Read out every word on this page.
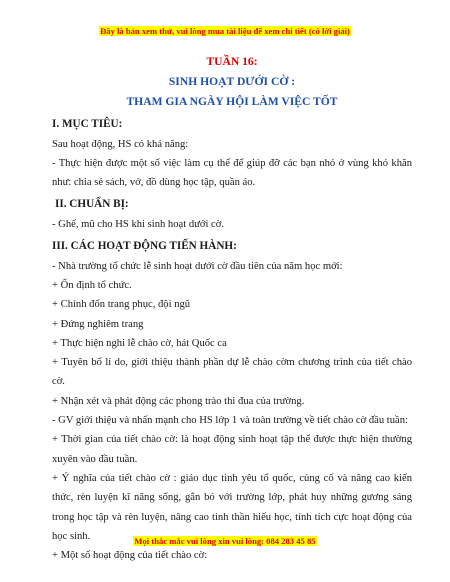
Đây là bản xem thử, vui lòng mua tài liệu để xem chi tiết (có lời giải)

TUẦN 16:

SINH HOẠT DƯỚI CỜ :

THAM GIA NGÀY HỘI LÀM VIỆC TỐT

I. MỤC TIÊU:

Sau hoạt động, HS có khả năng:

- Thực hiện được một số việc làm cụ thể để giúp đỡ các bạn nhỏ ở vùng khó khăn như: chia sẻ sách, vở, đồ dùng học tập, quần áo.

II. CHUẨN BỊ:

- Ghế, mũ cho HS khi sinh hoạt dưới cờ.

III. CÁC HOẠT ĐỘNG TIẾN HÀNH:

- Nhà trường tổ chức lễ sinh hoạt dưới cờ đầu tiên của năm học mới:

+ Ổn định tổ chức.

+ Chỉnh đốn trang phục, đội ngũ

+ Đứng nghiêm trang

+ Thực hiện nghi lễ chào cờ, hát Quốc ca

+ Tuyên bố lí do, giới thiệu thành phần dự lễ chào cờm chương trình của tiết chào cờ.

+ Nhận xét và phát động các phong trào thi đua của trường.

- GV giới thiệu và nhấn mạnh cho HS lớp 1 và toàn trường về tiết chào cờ đầu tuần:

+ Thời gian của tiết chào cờ: là hoạt động sinh hoạt tập thể được thực hiện thường xuyên vào đầu tuần.

+ Ý nghĩa của tiết chào cờ : giáo dục tình yêu tổ quốc, củng cố và nâng cao kiến thức, rèn luyện kĩ năng sống, gắn bó với trường lớp, phát huy những gương sáng trong học tập và rèn luyện, nâng cao tinh thần hiếu học, tính tích cực hoạt động của học sinh.

+ Một số hoạt động của tiết chào cờ:

Mọi thắc mắc vui lòng xin vui lòng: 084 283 45 85
